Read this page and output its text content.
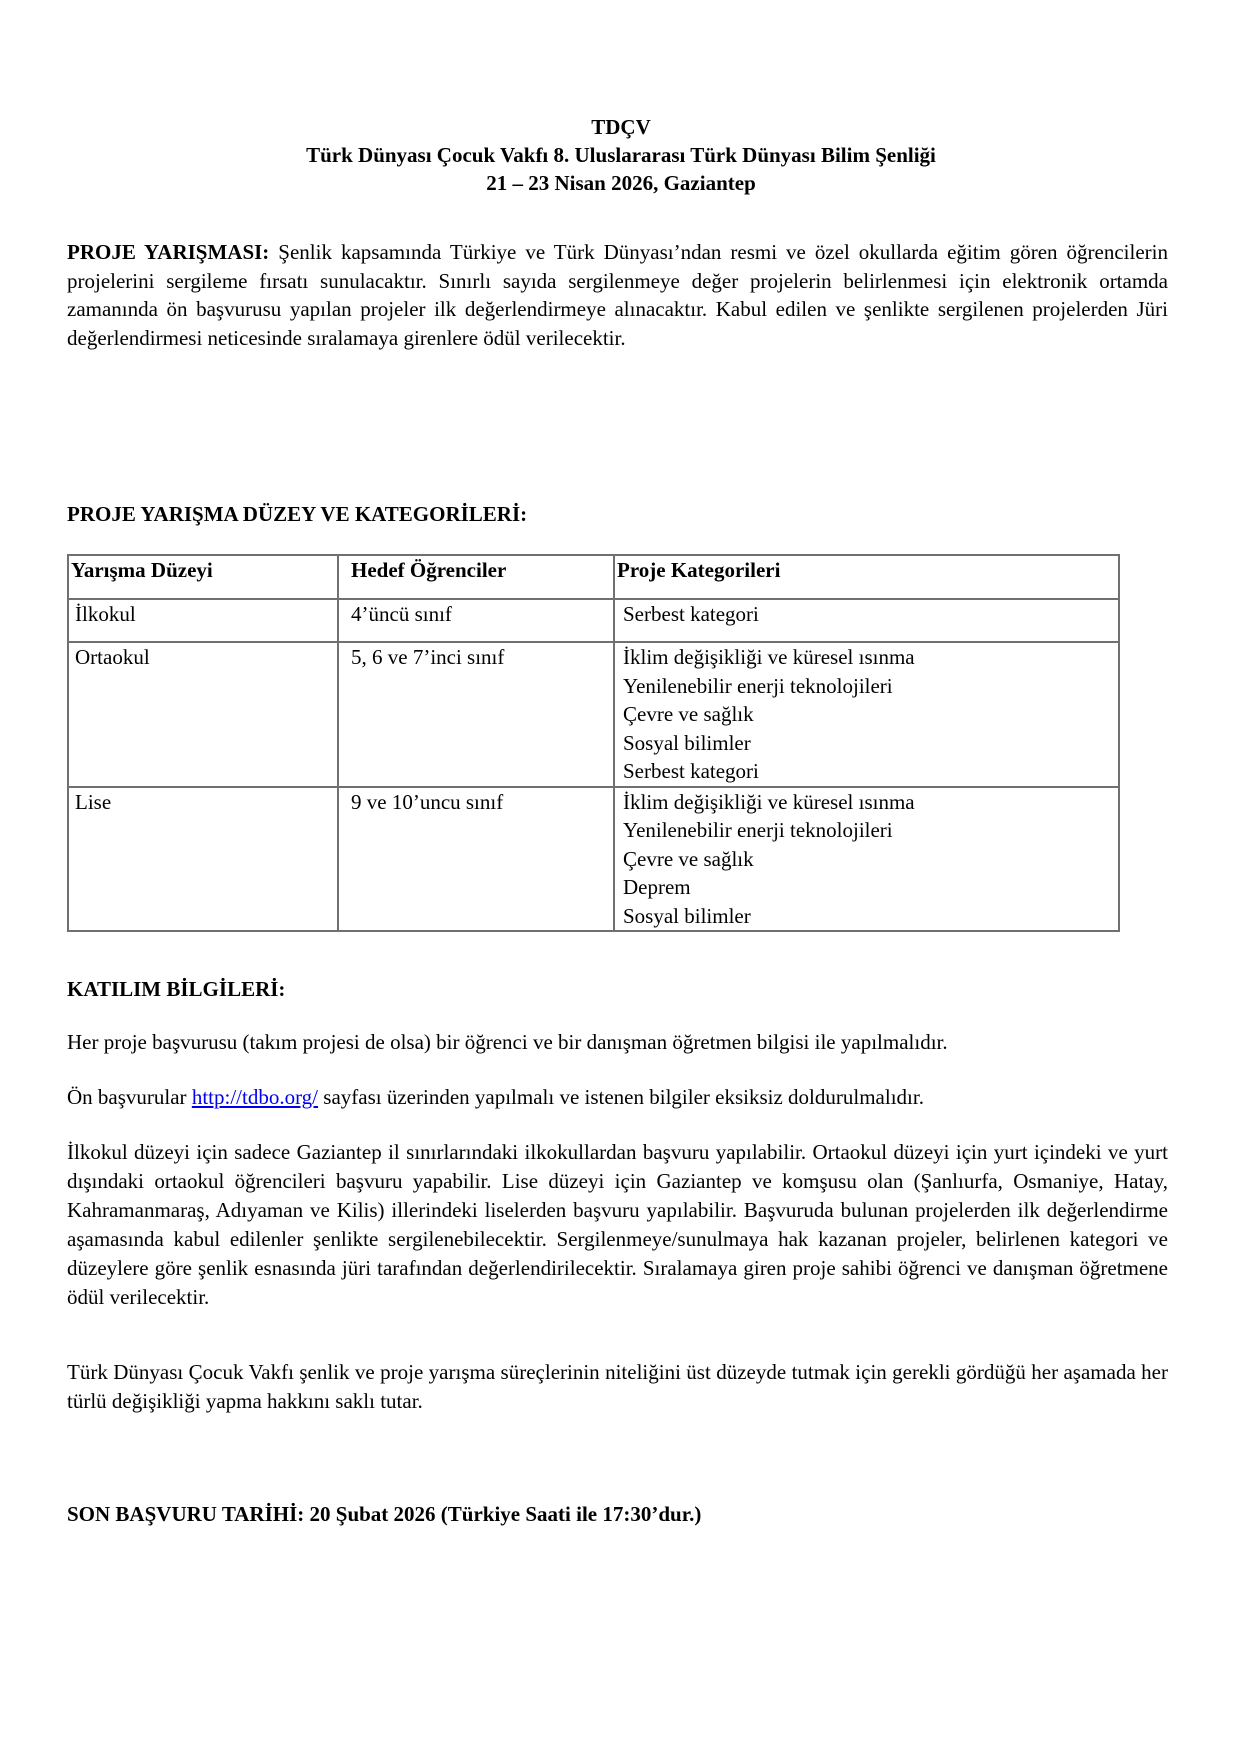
TDÇV
Türk Dünyası Çocuk Vakfı 8. Uluslararası Türk Dünyası Bilim Şenliği
21 – 23 Nisan 2026, Gaziantep
PROJE YARIŞMASI: Şenlik kapsamında Türkiye ve Türk Dünyası’ndan resmi ve özel okullarda eğitim gören öğrencilerin projelerini sergileme fırsatı sunulacaktır. Sınırlı sayıda sergilenmeye değer projelerin belirlenmesi için elektronik ortamda zamanında ön başvurusu yapılan projeler ilk değerlendirmeye alınacaktır. Kabul edilen ve şenlikte sergilenen projelerden Jüri değerlendirmesi neticesinde sıralamaya girenlere ödül verilecektir.
PROJE YARIŞMA DÜZEY VE KATEGORİLERİ:
Yarışma Düzeyi	Hedef Öğrenciler	Proje Kategorileri
İlkokul	4’üncü sınıf	Serbest kategori

Ortaokul	5, 6 ve 7’inci sınıf	İklim değişikliği ve küresel ısınma
Yenilenebilir enerji teknolojileri
Çevre ve sağlık
Sosyal bilimler
Serbest kategori

Lise	9 ve 10’uncu sınıf	İklim değişikliği ve küresel ısınma
Yenilenebilir enerji teknolojileri
Çevre ve sağlık
Deprem
Sosyal bilimler
KATILIM BİLGİLERİ:
Her proje başvurusu (takım projesi de olsa) bir öğrenci ve bir danışman öğretmen bilgisi ile yapılmalıdır.
Ön başvurular http://tdbo.org/ sayfası üzerinden yapılmalı ve istenen bilgiler eksiksiz doldurulmalıdır.
İlkokul düzeyi için sadece Gaziantep il sınırlarındaki ilkokullardan başvuru yapılabilir. Ortaokul düzeyi için yurt içindeki ve yurt dışındaki ortaokul öğrencileri başvuru yapabilir. Lise düzeyi için Gaziantep ve komşusu olan (Şanlıurfa, Osmaniye, Hatay, Kahramanmaraş, Adıyaman ve Kilis) illerindeki liselerden başvuru yapılabilir. Başvuruda bulunan projelerden ilk değerlendirme aşamasında kabul edilenler şenlikte sergilenebilecektir. Sergilenmeye/sunulmaya hak kazanan projeler, belirlenen kategori ve düzeylere göre şenlik esnasında jüri tarafından değerlendirilecektir. Sıralamaya giren proje sahibi öğrenci ve danışman öğretmene ödül verilecektir.
Türk Dünyası Çocuk Vakfı şenlik ve proje yarışma süreçlerinin niteliğini üst düzeyde tutmak için gerekli gördüğü her aşamada her türlü değişikliği yapma hakkını saklı tutar.
SON BAŞVURU TARİHİ: 20 Şubat 2026 (Türkiye Saati ile 17:30’dur.)
